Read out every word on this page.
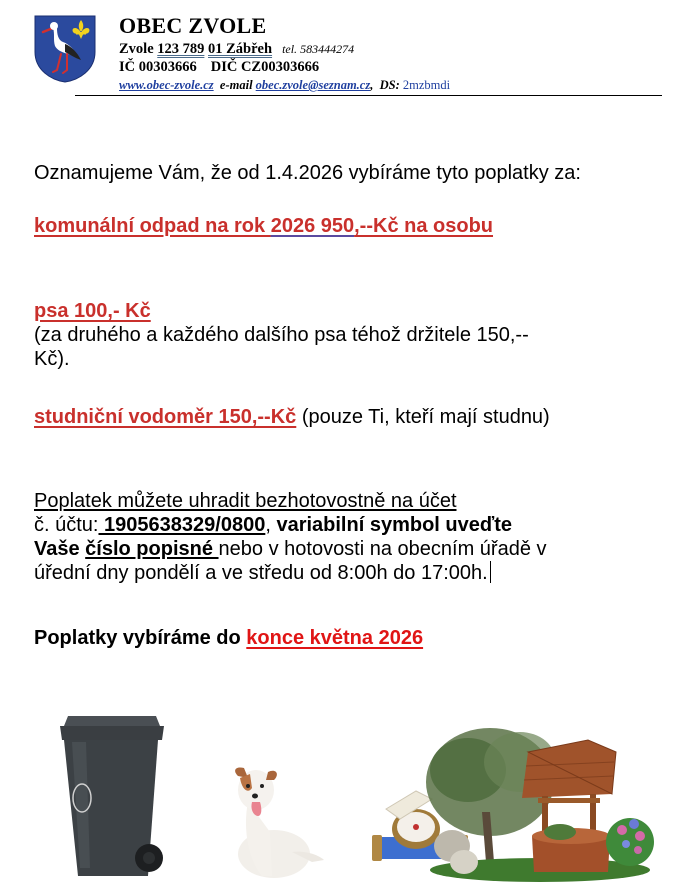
OBEC ZVOLE
Zvole 123 789 01 Zábřeh tel. 583444274
IČ 00303666 DIČ CZ00303666
www.obec-zvole.cz e-mail obec.zvole@seznam.cz, DS: 2mzbmdi
Oznamujeme Vám, že od 1.4.2026 vybíráme tyto poplatky za:
komunální odpad na rok 2026 950,--Kč na osobu
psa 100,- Kč
(za druhého a každého dalšího psa téhož držitele 150,--
Kč).
studniční vodoměr 150,--Kč (pouze Ti, kteří mají studnu)
Poplatek můžete uhradit bezhotovostně na účet
č. účtu: 1905638329/0800, variabilní symbol uveďte
Vaše číslo popisné nebo v hotovosti na obecním úřadě v
úřední dny pondělí a ve středu od 8:00h do 17:00h.
Poplatky vybíráme do konce května 2026
